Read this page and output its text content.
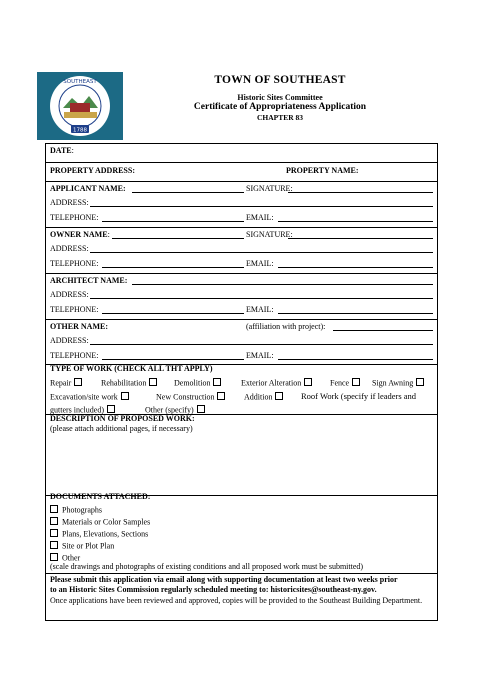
SOUTHEAST
1788
TOWN OF SOUTHEAST
Historic Sites Committee
Certificate of Appropriateness Application
CHAPTER 83
DATE:
PROPERTY ADDRESS:	PROPERTY NAME:
APPLICANT NAME:	SIGNATURE:
ADDRESS:
TELEPHONE:	EMAIL:
OWNER NAME:	SIGNATURE:
ADDRESS:
TELEPHONE:	EMAIL:
ARCHITECT NAME:
ADDRESS:
TELEPHONE:	EMAIL:
OTHER NAME:	(affiliation with project):
ADDRESS:
TELEPHONE:	EMAIL:
TYPE OF WORK (CHECK ALL THT APPLY)
Repair	Rehabilitation	Demolition	Exterior Alteration	Fence	Sign Awning
Excavation/site work	New Construction	Addition	Roof Work (specify if leaders and
gutters included)	Other (specify)
DESCRIPTION OF PROPOSED WORK:
(please attach additional pages, if necessary)
DOCUMENTS ATTACHED:
Photographs
Materials or Color Samples
Plans, Elevations, Sections
Site or Plot Plan
Other
(scale drawings and photographs of existing conditions and all proposed work must be submitted)
Please submit this application via email along with supporting documentation at least two weeks prior
to an Historic Sites Commission regularly scheduled meeting to: historicsites@southeast-ny.gov.
Once applications have been reviewed and approved, copies will be provided to the Southeast Building Department.
